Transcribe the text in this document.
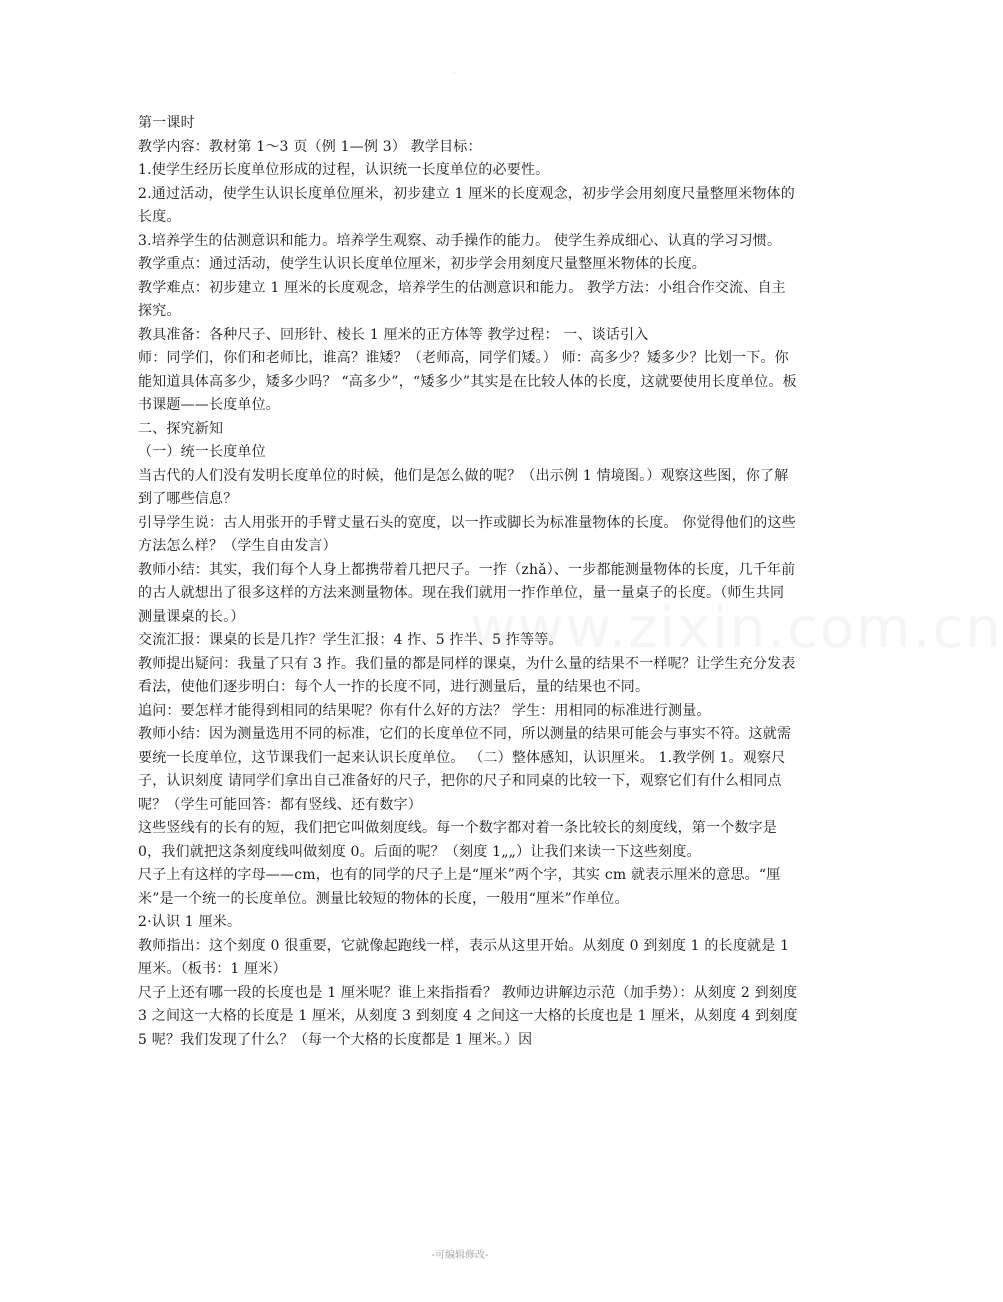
·
www.zixin.com.cn

第一课时

教学内容：教材第 1～3 页（例 1—例 3） 教学目标：

1.使学生经历长度单位形成的过程，认识统一长度单位的必要性。

2.通过活动，使学生认识长度单位厘米，初步建立 1 厘米的长度观念，初步学会用刻度尺量整厘米物体的长度。

3.培养学生的估测意识和能力。培养学生观察、动手操作的能力。 使学生养成细心、认真的学习习惯。

教学重点：通过活动，使学生认识长度单位厘米，初步学会用刻度尺量整厘米物体的长度。

教学难点：初步建立 1 厘米的长度观念，培养学生的估测意识和能力。 教学方法：小组合作交流、自主探究。

教具准备：各种尺子、回形针、棱长 1 厘米的正方体等 教学过程： 一、谈话引入

师：同学们，你们和老师比，谁高？谁矮？（老师高，同学们矮。） 师：高多少？矮多少？比划一下。你能知道具体高多少，矮多少吗？ “高多少”，“矮多少”其实是在比较人体的长度，这就要使用长度单位。板书课题——长度单位。

二、探究新知

（一）统一长度单位

当古代的人们没有发明长度单位的时候，他们是怎么做的呢？（出示例 1 情境图。）观察这些图，你了解到了哪些信息？

引导学生说：古人用张开的手臂丈量石头的宽度，以一拃或脚长为标准量物体的长度。 你觉得他们的这些方法怎么样？（学生自由发言）

教师小结：其实，我们每个人身上都携带着几把尺子。一拃（zhǎ）、一步都能测量物体的长度，几千年前的古人就想出了很多这样的方法来测量物体。现在我们就用一拃作单位，量一量桌子的长度。（师生共同测量课桌的长。）

交流汇报：课桌的长是几拃？学生汇报：4 拃、5 拃半、5 拃等等。

教师提出疑问：我量了只有 3 拃。我们量的都是同样的课桌，为什么量的结果不一样呢？让学生充分发表看法，使他们逐步明白：每个人一拃的长度不同，进行测量后，量的结果也不同。

追问：要怎样才能得到相同的结果呢？你有什么好的方法？ 学生：用相同的标准进行测量。

教师小结：因为测量选用不同的标准，它们的长度单位不同，所以测量的结果可能会与事实不符。这就需要统一长度单位，这节课我们一起来认识长度单位。 （二）整体感知，认识厘米。 1.教学例 1。观察尺子，认识刻度 请同学们拿出自己准备好的尺子，把你的尺子和同桌的比较一下，观察它们有什么相同点呢？（学生可能回答：都有竖线、还有数字）

这些竖线有的长有的短，我们把它叫做刻度线。每一个数字都对着一条比较长的刻度线，第一个数字是 0，我们就把这条刻度线叫做刻度 0。后面的呢？（刻度 1„„）让我们来读一下这些刻度。

尺子上有这样的字母——cm，也有的同学的尺子上是“厘米”两个字，其实 cm 就表示厘米的意思。“厘米”是一个统一的长度单位。测量比较短的物体的长度，一般用“厘米”作单位。

2·认识 1 厘米。

教师指出：这个刻度 0 很重要，它就像起跑线一样，表示从这里开始。从刻度 0 到刻度 1 的长度就是 1 厘米。（板书：1 厘米）

尺子上还有哪一段的长度也是 1 厘米呢？谁上来指指看？ 教师边讲解边示范（加手势）：从刻度 2 到刻度 3 之间这一大格的长度是 1 厘米，从刻度 3 到刻度 4 之间这一大格的长度也是 1 厘米，从刻度 4 到刻度 5 呢？我们发现了什么？（每一个大格的长度都是 1 厘米。）因

-可编辑修改-
